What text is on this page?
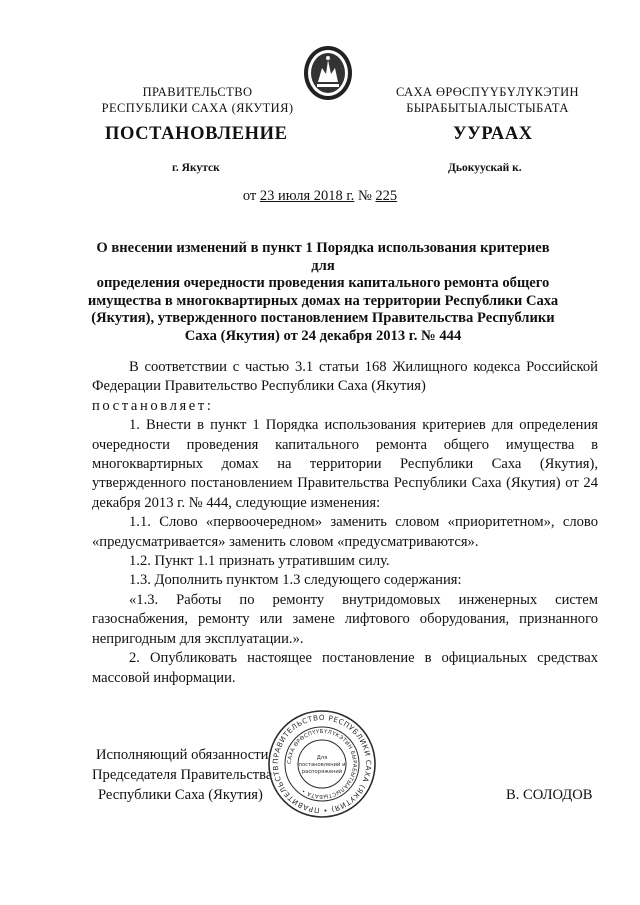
ПРАВИТЕЛЬСТВО
РЕСПУБЛИКИ САХА (ЯКУТИЯ)
САХА ӨРӨСПҮҮБҮЛҮКЭТИН
БЫРАБЫТЫАЛЫСТЫБАТА
ПОСТАНОВЛЕНИЕ	УУРААХ
г. Якутск	Дьокуускай к.
от 23 июля 2018 г. № 225
О внесении изменений в пункт 1 Порядка использования критериев для
определения очередности проведения капитального ремонта общего
имущества в многоквартирных домах на территории Республики Саха
(Якутия), утвержденного постановлением Правительства Республики
Саха (Якутия) от 24 декабря 2013 г. № 444

В соответствии с частью 3.1 статьи 168 Жилищного кодекса Российской Федерации Правительство Республики Саха (Якутия)

постановляет:

1. Внести в пункт 1 Порядка использования критериев для определения очередности проведения капитального ремонта общего имущества в многоквартирных домах на территории Республики Саха (Якутия), утвержденного постановлением Правительства Республики Саха (Якутия) от 24 декабря 2013 г. № 444, следующие изменения:

1.1. Слово «первоочередном» заменить словом «приоритетном», слово «предусматривается» заменить словом «предусматриваются».

1.2. Пункт 1.1 признать утратившим силу.

1.3. Дополнить пунктом 1.3 следующего содержания:

«1.3. Работы по ремонту внутридомовых инженерных систем газоснабжения, ремонту или замене лифтового оборудования, признанного непригодным для эксплуатации.».

2. Опубликовать настоящее постановление в официальных средствах массовой информации.

Исполняющий обязанности
Председателя Правительства
Республики Саха (Якутия)	В. СОЛОДОВ
ПРАВИТЕЛЬСТВО РЕСПУБЛИКИ САХА (ЯКУТИЯ) • ПРАВИТЕЛЬСТВ
САХА ӨРӨСПҮҮБҮЛҮКЭТИН БЫРАБЫТЫАЛЫСТЫБАТА •
Для
постановлений и
распоряжений
